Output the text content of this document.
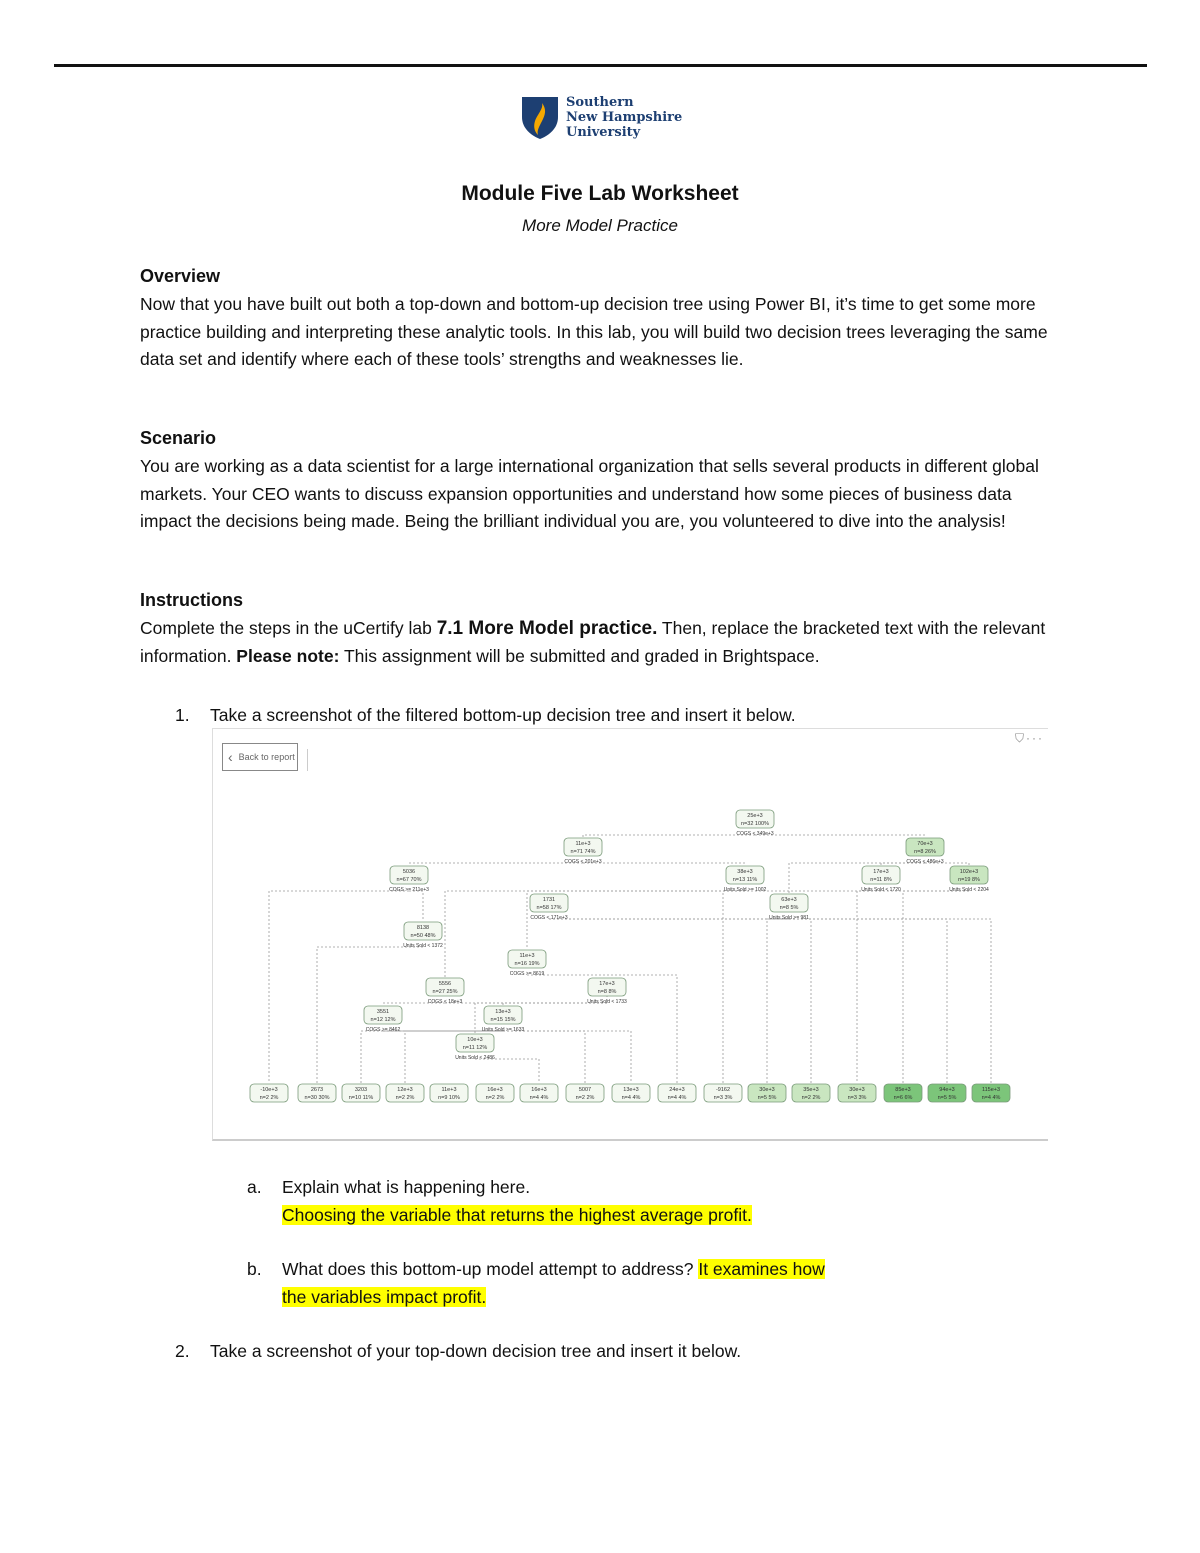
Southern
New Hampshire
University
Module Five Lab Worksheet
More Model Practice
Overview

Now that you have built out both a top-down and bottom-up decision tree using Power BI, it’s time to get some more practice building and interpreting these analytic tools. In this lab, you will build two decision trees leveraging the same data set and identify where each of these tools’ strengths and weaknesses lie.

Scenario

You are working as a data scientist for a large international organization that sells several products in different global markets. Your CEO wants to discuss expansion opportunities and understand how some pieces of business data impact the decisions being made. Being the brilliant individual you are, you volunteered to dive into the analysis!

Instructions

Complete the steps in the uCertify lab 7.1 More Model practice. Then, replace the bracketed text with the relevant information. Please note: This assignment will be submitted and graded in Brightspace.

1. Take a screenshot of the filtered bottom-up decision tree and insert it below.
‹ Back to report
⛉···
25e+3
n=32 100%
COGS < 349e+3
11e+3
n=71 74%
COGS < 201e+3
70e+3
n=8 26%
COGS < 486e+3
5036
n=67 70%
COGS >= 211e+3
38e+3
n=13 11%
Units Sold >= 1002
17e+3
n=11 8%
Units Sold < 1720
102e+3
n=19 8%
Units Sold < 2204
1731
n=58 17%
COGS < 171e+3
63e+3
n=8 5%
Units Sold >= 981
8138
n=50 48%
Units Sold < 1372
11e+3
n=16 19%
COGS >= 8619
5556
n=27 25%
COGS < 18e+3
17e+3
n=8 8%
Units Sold < 1733
3551
n=12 12%
COGS >= 8462
13e+3
n=15 15%
Units Sold >= 1633
10e+3
n=11 12%
Units Sold < 2486
-10e+3
n=2 2%
2673
n=30 30%
3203
n=10 11%
12e+3
n=2 2%
11e+3
n=9 10%
16e+3
n=2 2%
16e+3
n=4 4%
5007
n=2 2%
13e+3
n=4 4%
24e+3
n=4 4%
-9162
n=3 3%
30e+3
n=5 5%
35e+3
n=2 2%
30e+3
n=3 3%
85e+3
n=6 6%
94e+3
n=5 5%
115e+3
n=4 4%
a. Explain what is happening here.
Choosing the variable that returns the highest average profit.
b. What does this bottom-up model attempt to address? It examines how
the variables impact profit.
2. Take a screenshot of your top-down decision tree and insert it below.
